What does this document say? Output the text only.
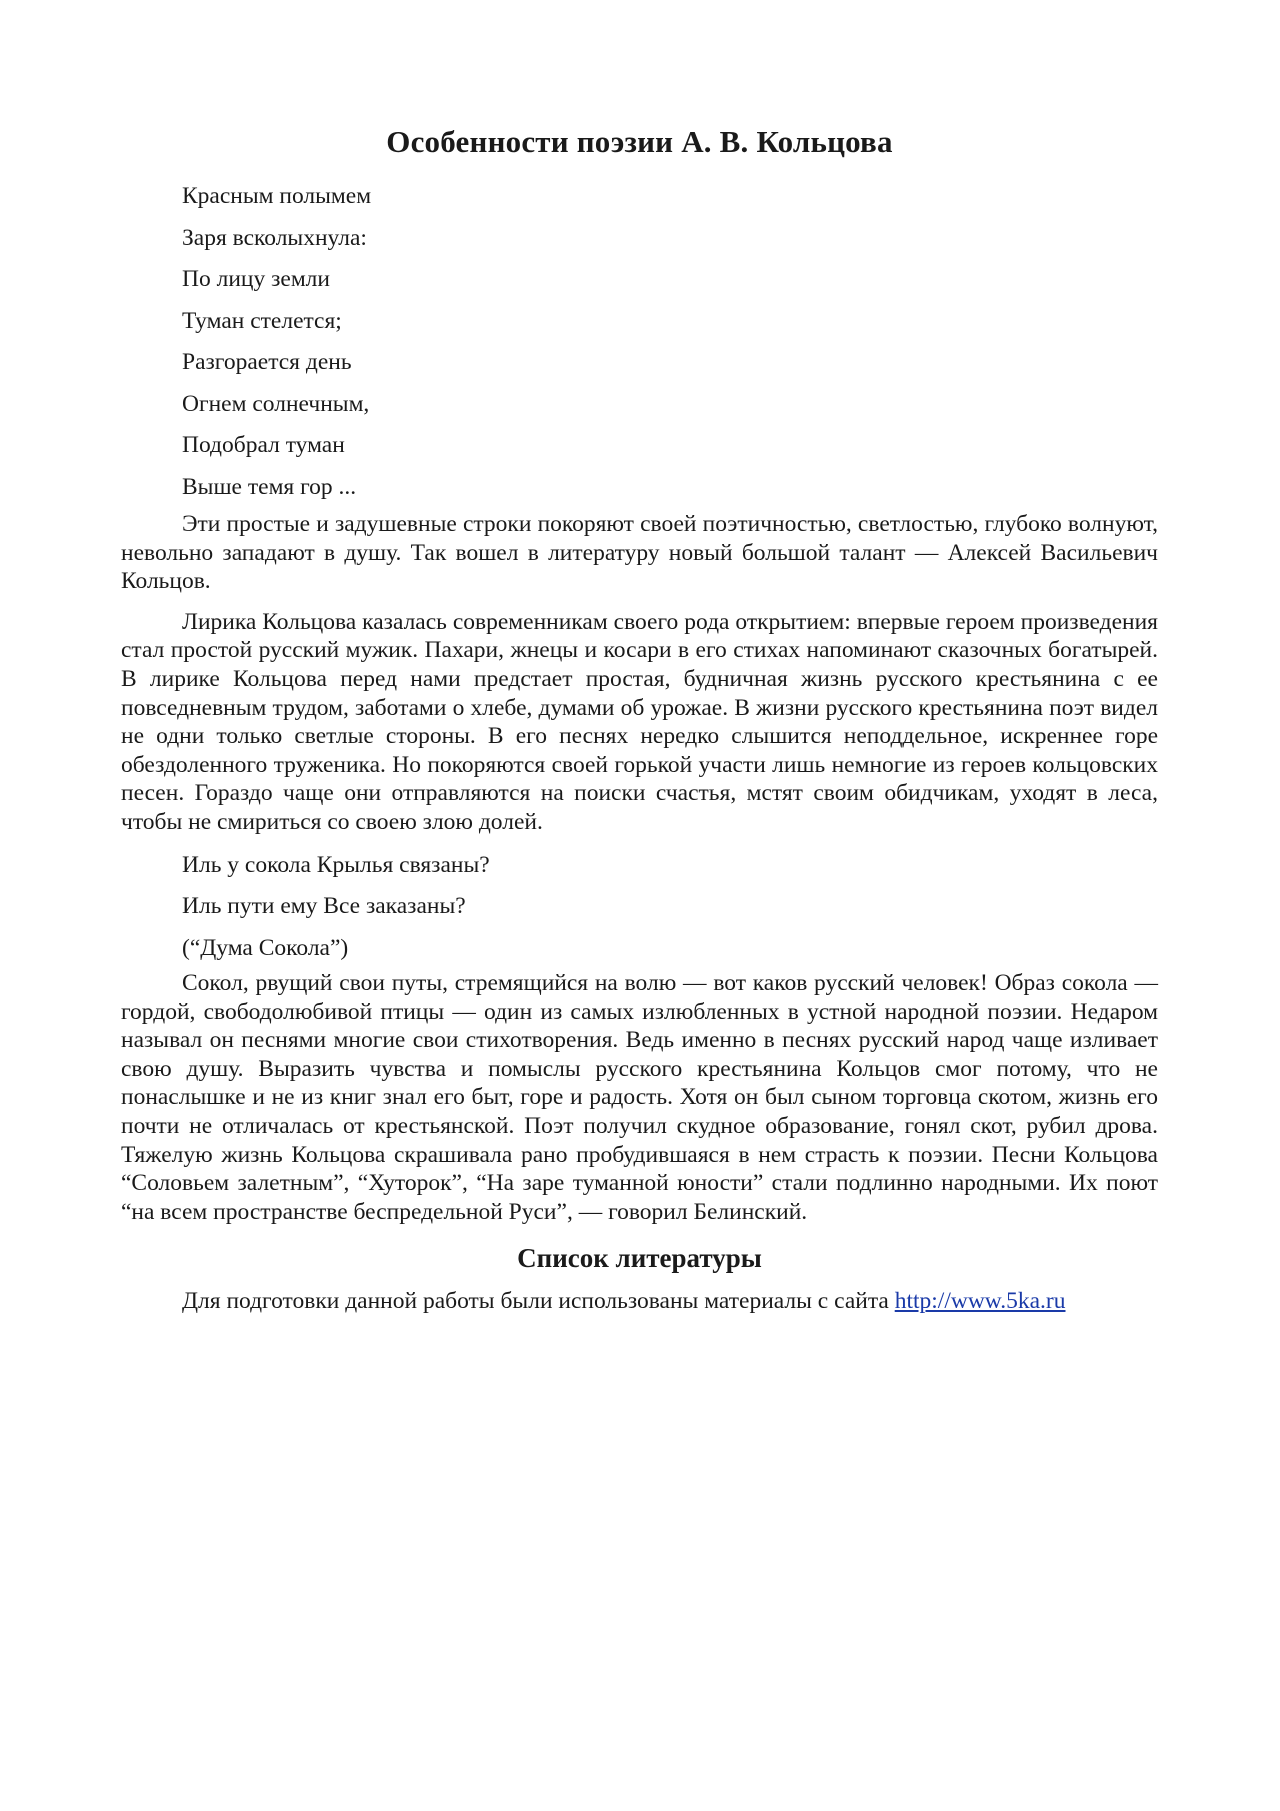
Особенности поэзии А. В. Кольцова

Красным полымем

Заря всколыхнула:

По лицу земли

Туман стелется;

Разгорается день

Огнем солнечным,

Подобрал туман

Выше темя гор ...

Эти простые и задушевные строки покоряют своей поэтичностью, светлостью, глубоко волнуют, невольно западают в душу. Так вошел в литературу новый большой талант — Алексей Васильевич Кольцов.

Лирика Кольцова казалась современникам своего рода открытием: впервые героем произведения стал простой русский мужик. Пахари, жнецы и косари в его стихах напоминают сказочных богатырей. В лирике Кольцова перед нами предстает простая, будничная жизнь русского крестьянина с ее повседневным трудом, заботами о хлебе, думами об урожае. В жизни русского крестьянина поэт видел не одни только светлые стороны. В его песнях нередко слышится неподдельное, искреннее горе обездоленного труженика. Но покоряются своей горькой участи лишь немногие из героев кольцовских песен. Гораздо чаще они отправляются на поиски счастья, мстят своим обидчикам, уходят в леса, чтобы не смириться со своею злою долей.

Иль у сокола Крылья связаны?

Иль пути ему Все заказаны?

(“Дума Сокола”)

Сокол, рвущий свои путы, стремящийся на волю — вот каков русский человек! Образ сокола — гордой, свободолюбивой птицы — один из самых излюбленных в устной народной поэзии. Недаром называл он песнями многие свои стихотворения. Ведь именно в песнях русский народ чаще изливает свою душу. Выразить чувства и помыслы русского крестьянина Кольцов смог потому, что не понаслышке и не из книг знал его быт, горе и радость. Хотя он был сыном торговца скотом, жизнь его почти не отличалась от крестьянской. Поэт получил скудное образование, гонял скот, рубил дрова. Тяжелую жизнь Кольцова скрашивала рано пробудившаяся в нем страсть к поэзии. Песни Кольцова “Соловьем залетным”, “Хуторок”, “На заре туманной юности” стали подлинно народными. Их поют “на всем пространстве беспредельной Руси”, — говорил Белинский.

Список литературы

Для подготовки данной работы были использованы материалы с сайта http://www.5ka.ru
